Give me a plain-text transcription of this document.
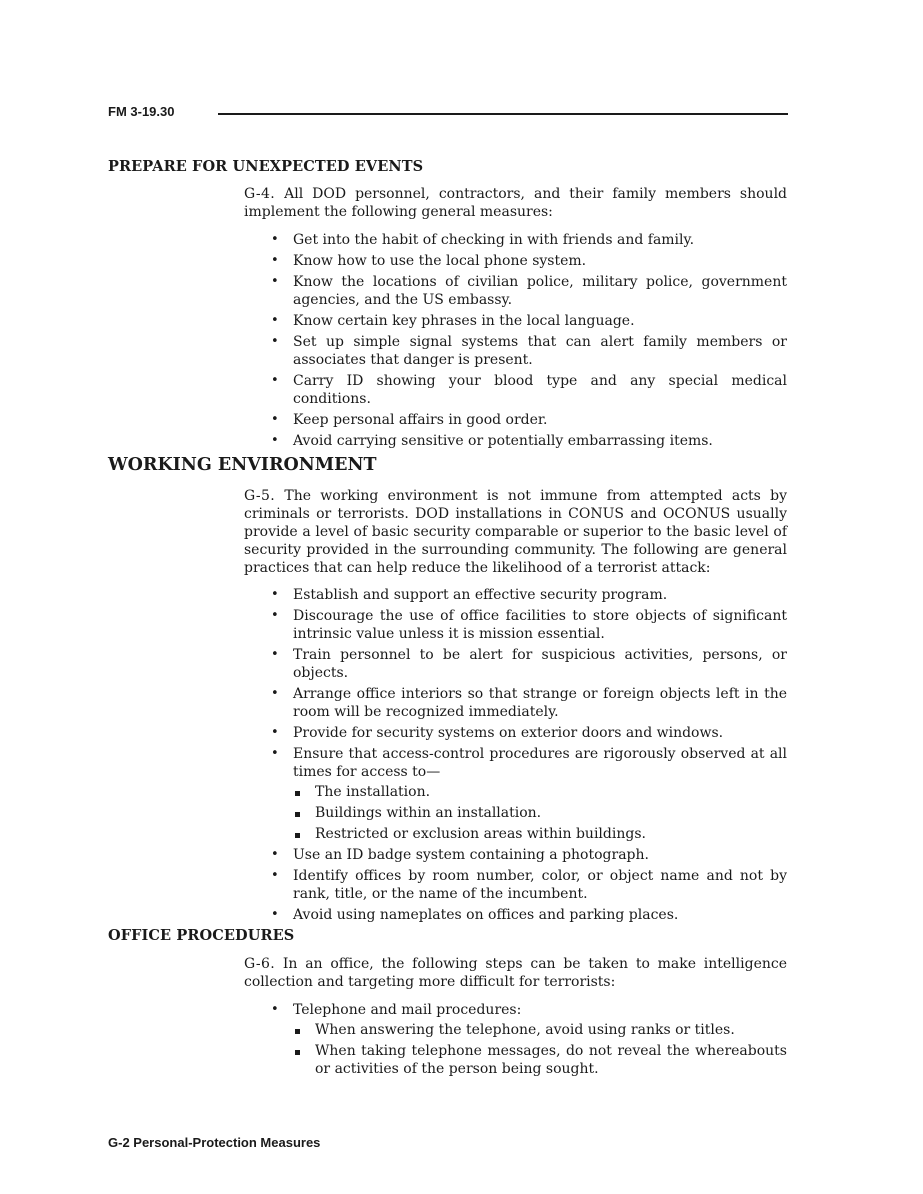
FM 3-19.30
PREPARE FOR UNEXPECTED EVENTS

G-4. All DOD personnel, contractors, and their family members should implement the following general measures:

• Get into the habit of checking in with friends and family.
• Know how to use the local phone system.
• Know the locations of civilian police, military police, government agencies, and the US embassy.
• Know certain key phrases in the local language.
• Set up simple signal systems that can alert family members or associates that danger is present.
• Carry ID showing your blood type and any special medical conditions.
• Keep personal affairs in good order.
• Avoid carrying sensitive or potentially embarrassing items.
WORKING ENVIRONMENT

G-5. The working environment is not immune from attempted acts by criminals or terrorists. DOD installations in CONUS and OCONUS usually provide a level of basic security comparable or superior to the basic level of security provided in the surrounding community. The following are general practices that can help reduce the likelihood of a terrorist attack:

• Establish and support an effective security program.
• Discourage the use of office facilities to store objects of significant intrinsic value unless it is mission essential.
• Train personnel to be alert for suspicious activities, persons, or objects.
• Arrange office interiors so that strange or foreign objects left in the room will be recognized immediately.
• Provide for security systems on exterior doors and windows.
• Ensure that access-control procedures are rigorously observed at all times for access to—
The installation.
Buildings within an installation.
Restricted or exclusion areas within buildings.
• Use an ID badge system containing a photograph.
• Identify offices by room number, color, or object name and not by rank, title, or the name of the incumbent.
• Avoid using nameplates on offices and parking places.
OFFICE PROCEDURES

G-6. In an office, the following steps can be taken to make intelligence collection and targeting more difficult for terrorists:

• Telephone and mail procedures:
When answering the telephone, avoid using ranks or titles.
When taking telephone messages, do not reveal the whereabouts or activities of the person being sought.
G-2 Personal-Protection Measures
